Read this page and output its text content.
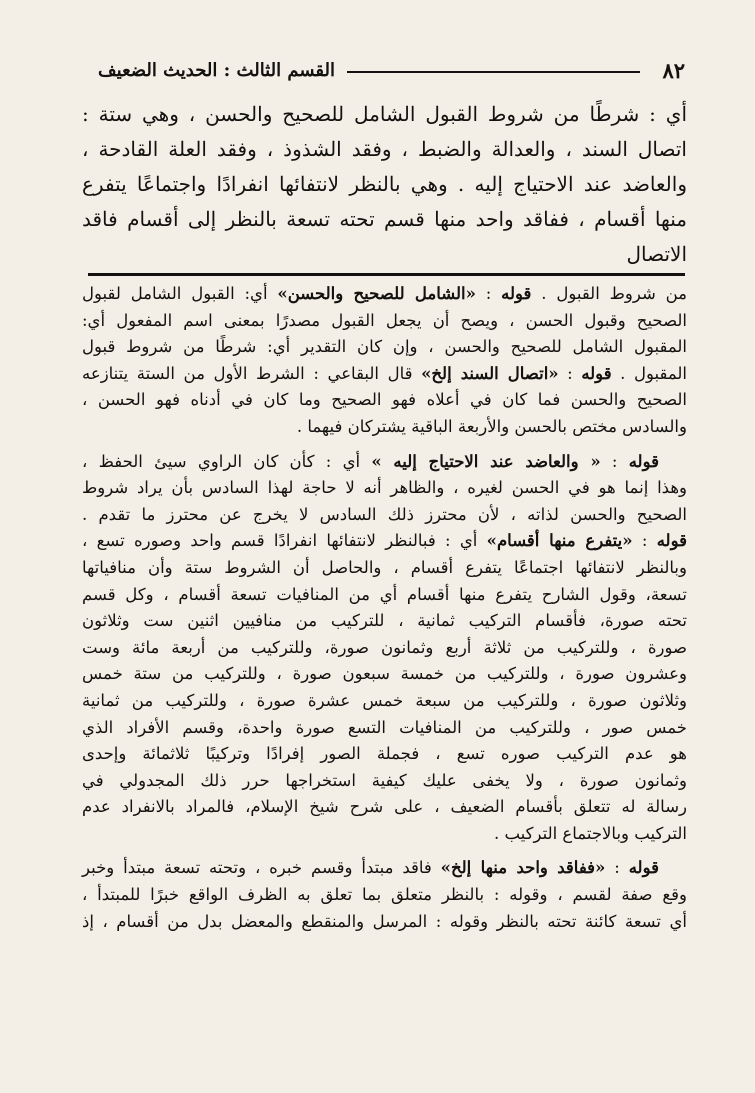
٨٢
القسم الثالث : الحديث الضعيف

أي : شرطًا من شروط القبول الشامل للصحيح والحسن ، وهي ستة :

اتصال السند ، والعدالة والضبط ، وفقد الشذوذ ، وفقد العلة القادحة ،

والعاضد عند الاحتياج إليه . وهي بالنظر لانتفائها انفرادًا واجتماعًا يتفرع

منها أقسام ، ففاقد واحد منها قسم تحته تسعة بالنظر إلى أقسام فاقد الاتصال

من شروط القبول . قوله : «الشامل للصحيح والحسن» أي: القبول الشامل لقبول

الصحيح وقبول الحسن ، ويصح أن يجعل القبول مصدرًا بمعنى اسم المفعول أي:

المقبول الشامل للصحيح والحسن ، وإن كان التقدير أي: شرطًا من شروط قبول

المقبول . قوله : «اتصال السند إلخ» قال البقاعي : الشرط الأول من الستة يتنازعه

الصحيح والحسن فما كان في أعلاه فهو الصحيح وما كان في أدناه فهو الحسن ،

والسادس مختص بالحسن والأربعة الباقية يشتركان فيهما .

قوله : « والعاضد عند الاحتياج إليه » أي : كأن كان الراوي سيئ الحفظ ،

وهذا إنما هو في الحسن لغيره ، والظاهر أنه لا حاجة لهذا السادس بأن يراد شروط

الصحيح والحسن لذاته ، لأن محترز ذلك السادس لا يخرج عن محترز ما تقدم .

قوله : «يتفرع منها أقسام» أي : فبالنظر لانتفائها انفرادًا قسم واحد وصوره تسع ،

وبالنظر لانتفائها اجتماعًا يتفرع أقسام ، والحاصل أن الشروط ستة وأن منافياتها

تسعة، وقول الشارح يتفرع منها أقسام أي من المنافيات تسعة أقسام ، وكل قسم

تحته صورة، فأقسام التركيب ثمانية ، للتركيب من منافيين اثنين ست وثلاثون

صورة ، وللتركيب من ثلاثة أربع وثمانون صورة، وللتركيب من أربعة مائة وست

وعشرون صورة ، وللتركيب من خمسة سبعون صورة ، وللتركيب من ستة خمس

وثلاثون صورة ، وللتركيب من سبعة خمس عشرة صورة ، وللتركيب من ثمانية

خمس صور ، وللتركيب من المنافيات التسع صورة واحدة، وقسم الأفراد الذي

هو عدم التركيب صوره تسع ، فجملة الصور إفرادًا وتركيبًا ثلاثمائة وإحدى

وثمانون صورة ، ولا يخفى عليك كيفية استخراجها حرر ذلك المجدولي في

رسالة له تتعلق بأقسام الضعيف ، على شرح شيخ الإسلام، فالمراد بالانفراد عدم

التركيب وبالاجتماع التركيب .

قوله : «ففاقد واحد منها إلخ» فاقد مبتدأ وقسم خبره ، وتحته تسعة مبتدأ وخبر

وقع صفة لقسم ، وقوله : بالنظر متعلق بما تعلق به الظرف الواقع خبرًا للمبتدأ ،

أي تسعة كائنة تحته بالنظر وقوله : المرسل والمنقطع والمعضل بدل من أقسام ، إذ
